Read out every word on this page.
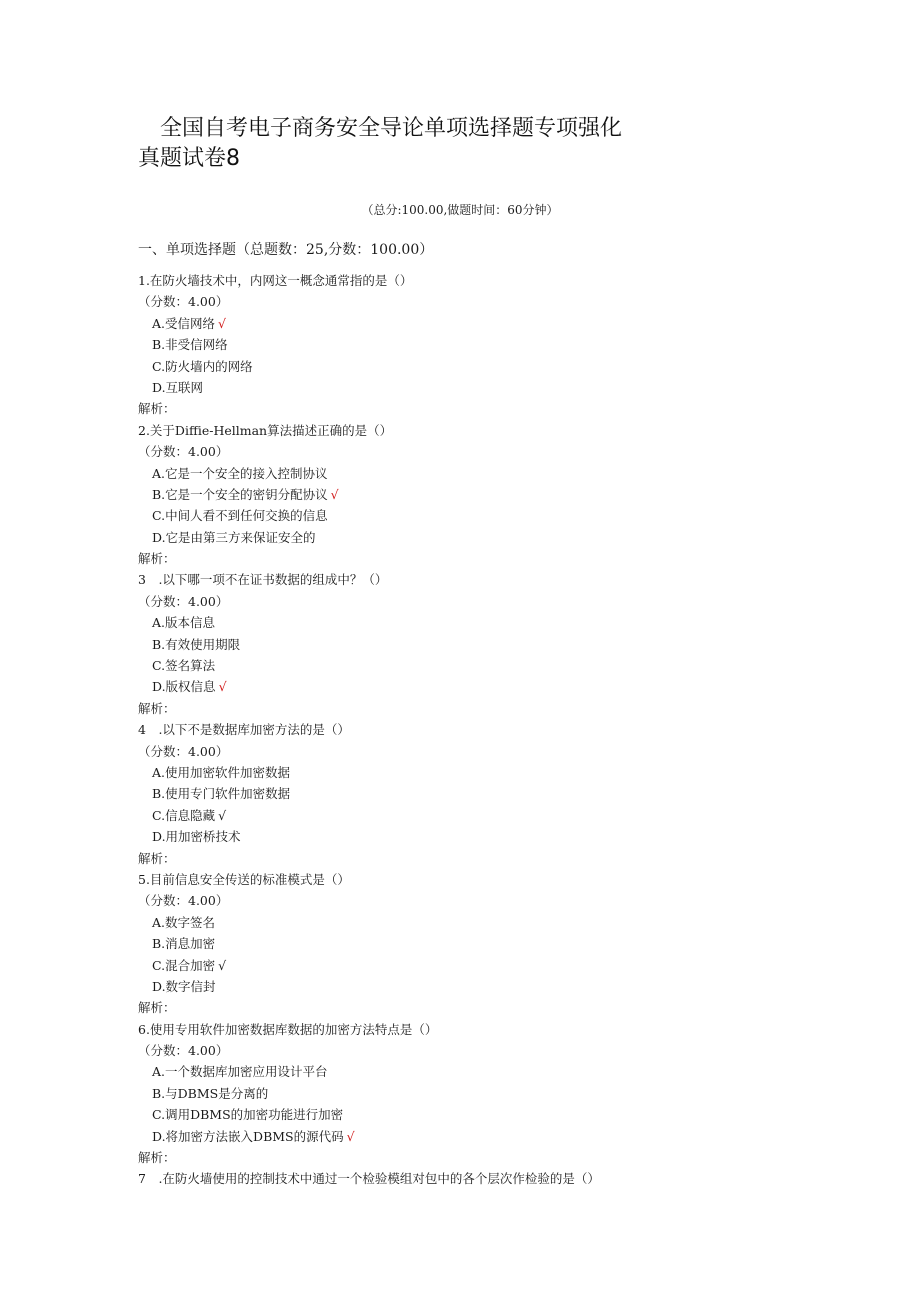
全国自考电子商务安全导论单项选择题专项强化
真题试卷8
（总分:100.00,做题时间：60分钟）
一、单项选择题（总题数：25,分数：100.00）
1.在防火墙技术中，内网这一概念通常指的是（）
（分数：4.00）
A.受信网络 √
B.非受信网络
C.防火墙内的网络
D.互联网
解析：
2.关于Diffie-Hellman算法描述正确的是（）
（分数：4.00）
A.它是一个安全的接入控制协议
B.它是一个安全的密钥分配协议 √
C.中间人看不到任何交换的信息
D.它是由第三方来保证安全的
解析：
3　.以下哪一项不在证书数据的组成中？（）
（分数：4.00）
A.版本信息
B.有效使用期限
C.签名算法
D.版权信息 √
解析：
4　.以下不是数据库加密方法的是（）
（分数：4.00）
A.使用加密软件加密数据
B.使用专门软件加密数据
C.信息隐藏 √
D.用加密桥技术
解析：
5.目前信息安全传送的标准模式是（）
（分数：4.00）
A.数字签名
B.消息加密
C.混合加密 √
D.数字信封
解析：
6.使用专用软件加密数据库数据的加密方法特点是（）
（分数：4.00）
A.一个数据库加密应用设计平台
B.与DBMS是分离的
C.调用DBMS的加密功能进行加密
D.将加密方法嵌入DBMS的源代码 √
解析：
7　.在防火墙使用的控制技术中通过一个检验模组对包中的各个层次作检验的是（）
